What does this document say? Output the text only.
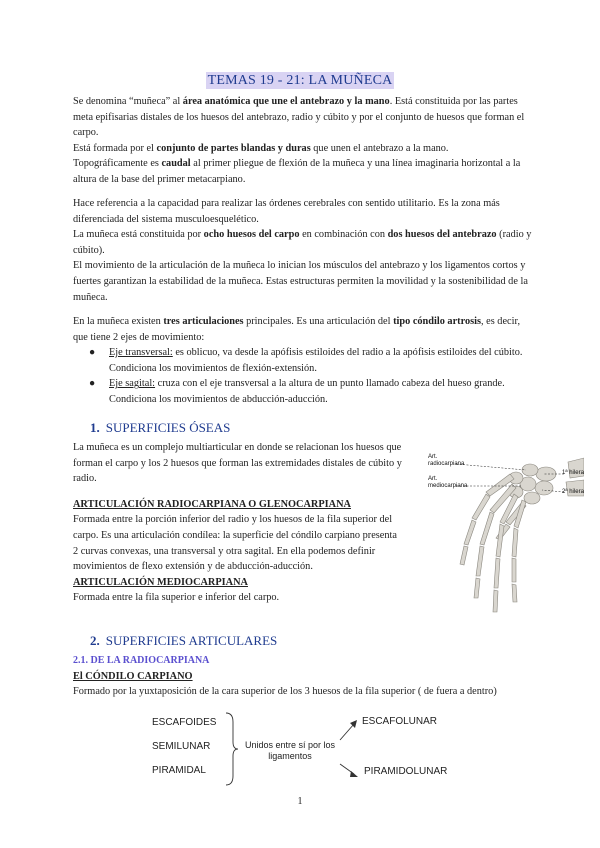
TEMAS 19 - 21: LA MUÑECA

Se denomina “muñeca” al área anatómica que une el antebrazo y la mano. Está constituida por las partes meta epifisarias distales de los huesos del antebrazo, radio y cúbito y por el conjunto de huesos que forman el carpo.

Está formada por el conjunto de partes blandas y duras que unen el antebrazo a la mano.

Topográficamente es caudal al primer pliegue de flexión de la muñeca y una línea imaginaria horizontal a la altura de la base del primer metacarpiano.

Hace referencia a la capacidad para realizar las órdenes cerebrales con sentido utilitario. Es la zona más diferenciada del sistema musculoesquelético.

La muñeca está constituida por ocho huesos del carpo en combinación con dos huesos del antebrazo (radio y cúbito).

El movimiento de la articulación de la muñeca lo inician los músculos del antebrazo y los ligamentos cortos y fuertes garantizan la estabilidad de la muñeca. Estas estructuras permiten la movilidad y la sostenibilidad de la muñeca.

En la muñeca existen tres articulaciones principales. Es una articulación del tipo cóndilo artrosis, es decir, que tiene 2 ejes de movimiento:

● Eje transversal: es oblicuo, va desde la apófisis estiloides del radio a la apófisis estiloides del cúbito. Condiciona los movimientos de flexión-extensión.
● Eje sagital: cruza con el eje transversal a la altura de un punto llamado cabeza del hueso grande. Condiciona los movimientos de abducción-aducción.
1. SUPERFICIES ÓSEAS

La muñeca es un complejo multiarticular en donde se relacionan los huesos que forman el carpo y los 2 huesos que forman las extremidades distales de cúbito y radio.

ARTICULACIÓN RADIOCARPIANA O GLENOCARPIANA

Formada entre la porción inferior del radio y los huesos de la fila superior del carpo. Es una articulación condílea: la superficie del cóndilo carpiano presenta 2 curvas convexas, una transversal y otra sagital. En ella podemos definir movimientos de flexo extensión y de abducción-aducción.

ARTICULACIÓN MEDIOCARPIANA

Formada entre la fila superior e inferior del carpo.

Art.
radiocarpiana
Art.
mediocarpiana
1ª hilera
2ª hilera
2. SUPERFICIES ARTICULARES

2.1. DE LA RADIOCARPIANA

El CÓNDILO CARPIANO

Formado por la yuxtaposición de la cara superior de los 3 huesos de la fila superior ( de fuera a dentro)

ESCAFOIDES
SEMILUNAR
PIRAMIDAL
Unidos entre sí por los ligamentos
ESCAFOLUNAR
PIRAMIDOLUNAR
1
